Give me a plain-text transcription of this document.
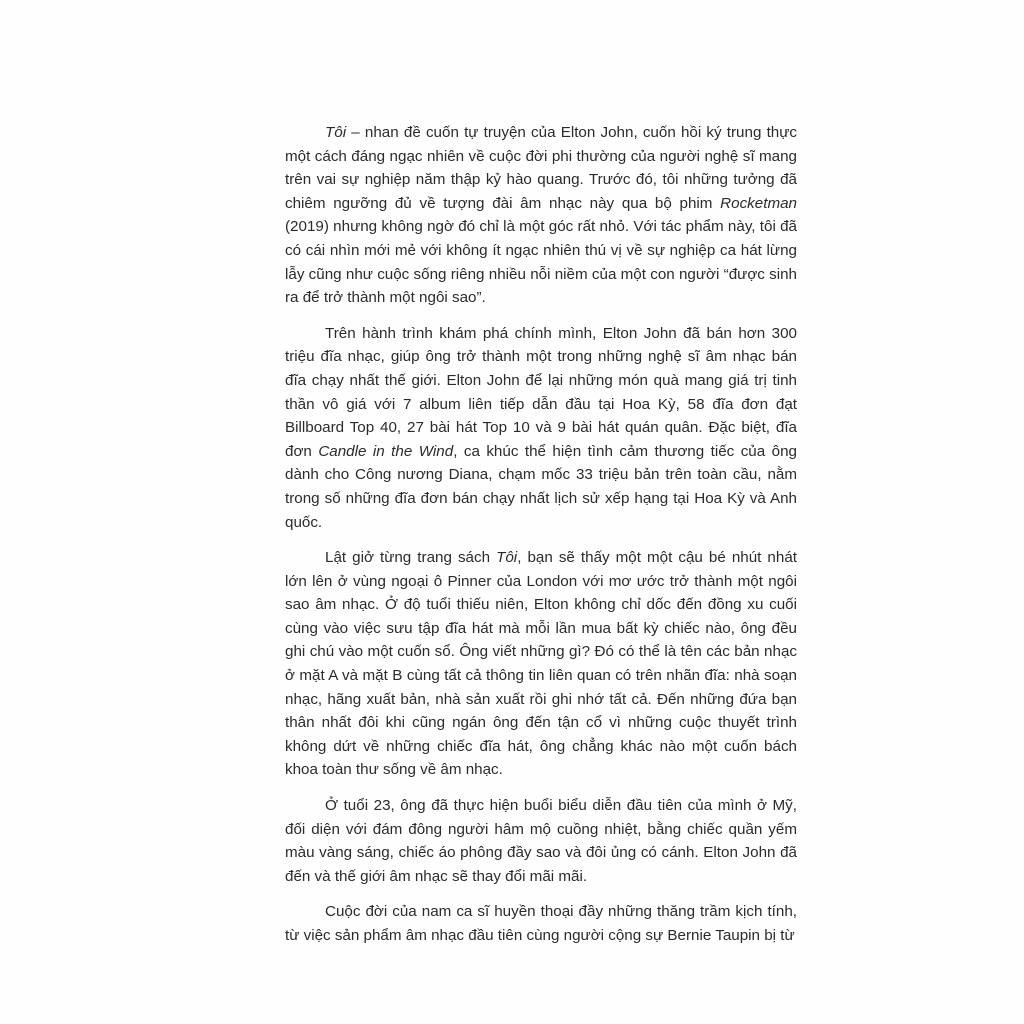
Tôi – nhan đề cuốn tự truyện của Elton John, cuốn hồi ký trung thực một cách đáng ngạc nhiên về cuộc đời phi thường của người nghệ sĩ mang trên vai sự nghiệp năm thập kỷ hào quang. Trước đó, tôi những tưởng đã chiêm ngưỡng đủ về tượng đài âm nhạc này qua bộ phim Rocketman (2019) nhưng không ngờ đó chỉ là một góc rất nhỏ. Với tác phẩm này, tôi đã có cái nhìn mới mẻ với không ít ngạc nhiên thú vị về sự nghiệp ca hát lừng lẫy cũng như cuộc sống riêng nhiều nỗi niềm của một con người “được sinh ra để trở thành một ngôi sao”.

Trên hành trình khám phá chính mình, Elton John đã bán hơn 300 triệu đĩa nhạc, giúp ông trở thành một trong những nghệ sĩ âm nhạc bán đĩa chạy nhất thế giới. Elton John để lại những món quà mang giá trị tinh thần vô giá với 7 album liên tiếp dẫn đầu tại Hoa Kỳ, 58 đĩa đơn đạt Billboard Top 40, 27 bài hát Top 10 và 9 bài hát quán quân. Đặc biệt, đĩa đơn Candle in the Wind, ca khúc thể hiện tình cảm thương tiếc của ông dành cho Công nương Diana, chạm mốc 33 triệu bản trên toàn cầu, nằm trong số những đĩa đơn bán chạy nhất lịch sử xếp hạng tại Hoa Kỳ và Anh quốc.

Lật giở từng trang sách Tôi, bạn sẽ thấy một một cậu bé nhút nhát lớn lên ở vùng ngoại ô Pinner của London với mơ ước trở thành một ngôi sao âm nhạc. Ở độ tuổi thiếu niên, Elton không chỉ dốc đến đồng xu cuối cùng vào việc sưu tập đĩa hát mà mỗi lần mua bất kỳ chiếc nào, ông đều ghi chú vào một cuốn sổ. Ông viết những gì? Đó có thể là tên các bản nhạc ở mặt A và mặt B cùng tất cả thông tin liên quan có trên nhãn đĩa: nhà soạn nhạc, hãng xuất bản, nhà sản xuất rồi ghi nhớ tất cả. Đến những đứa bạn thân nhất đôi khi cũng ngán ông đến tận cổ vì những cuộc thuyết trình không dứt về những chiếc đĩa hát, ông chẳng khác nào một cuốn bách khoa toàn thư sống về âm nhạc.

Ở tuổi 23, ông đã thực hiện buổi biểu diễn đầu tiên của mình ở Mỹ, đối diện với đám đông người hâm mộ cuồng nhiệt, bằng chiếc quần yếm màu vàng sáng, chiếc áo phông đầy sao và đôi ủng có cánh. Elton John đã đến và thế giới âm nhạc sẽ thay đổi mãi mãi.

Cuộc đời của nam ca sĩ huyền thoại đầy những thăng trầm kịch tính, từ việc sản phẩm âm nhạc đầu tiên cùng người cộng sự Bernie Taupin bị từ
